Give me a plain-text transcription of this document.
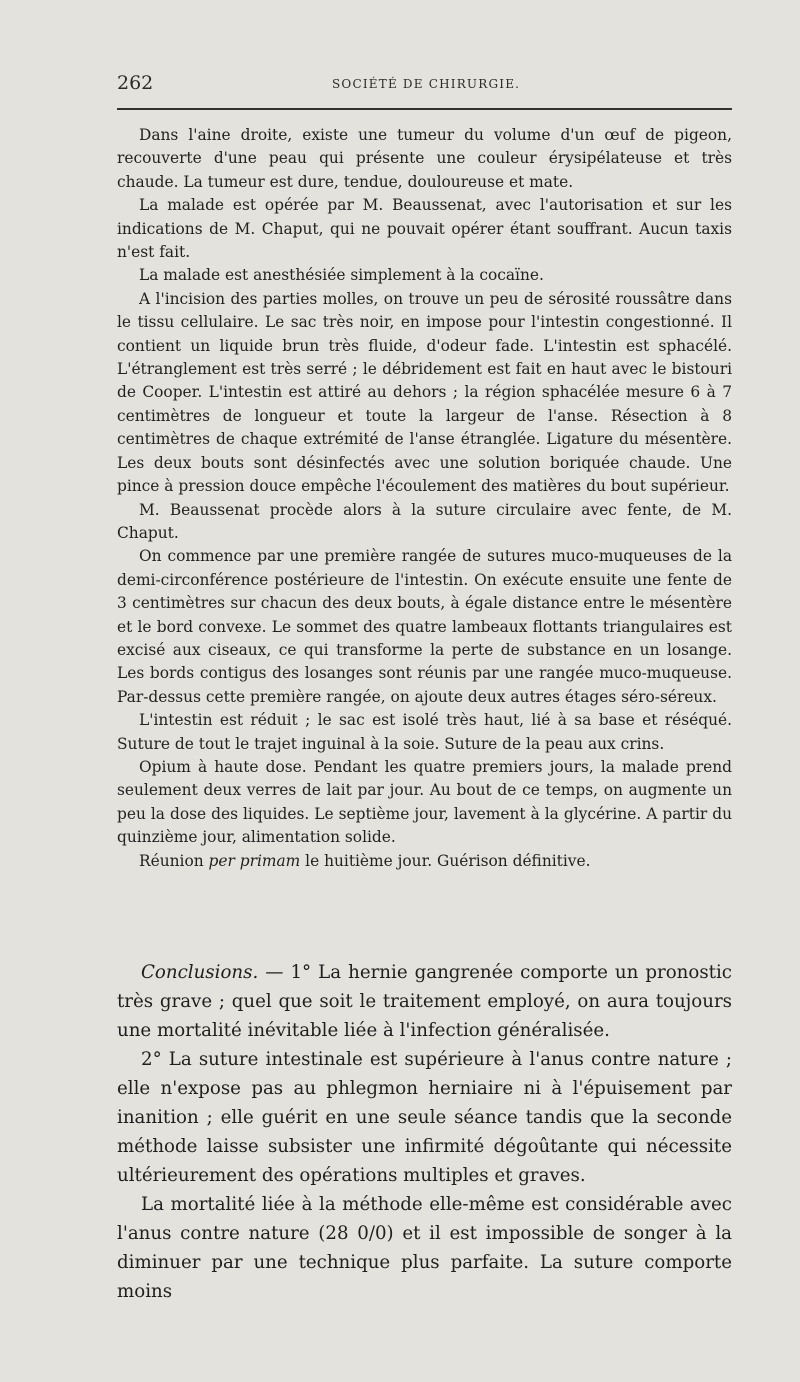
262	SOCIÉTÉ DE CHIRURGIE.

Dans l'aine droite, existe une tumeur du volume d'un œuf de pigeon, recouverte d'une peau qui présente une couleur érysipélateuse et très chaude. La tumeur est dure, tendue, douloureuse et mate.

La malade est opérée par M. Beaussenat, avec l'autorisation et sur les indications de M. Chaput, qui ne pouvait opérer étant souffrant. Aucun taxis n'est fait.

La malade est anesthésiée simplement à la cocaïne.

A l'incision des parties molles, on trouve un peu de sérosité roussâtre dans le tissu cellulaire. Le sac très noir, en impose pour l'intestin congestionné. Il contient un liquide brun très fluide, d'odeur fade. L'intestin est sphacélé. L'étranglement est très serré ; le débridement est fait en haut avec le bistouri de Cooper. L'intestin est attiré au dehors ; la région sphacélée mesure 6 à 7 centimètres de longueur et toute la largeur de l'anse. Résection à 8 centimètres de chaque extrémité de l'anse étranglée. Ligature du mésentère. Les deux bouts sont désinfectés avec une solution boriquée chaude. Une pince à pression douce empêche l'écoulement des matières du bout supérieur.

M. Beaussenat procède alors à la suture circulaire avec fente, de M. Chaput.

On commence par une première rangée de sutures muco-muqueuses de la demi-circonférence postérieure de l'intestin. On exécute ensuite une fente de 3 centimètres sur chacun des deux bouts, à égale distance entre le mésentère et le bord convexe. Le sommet des quatre lambeaux flottants triangulaires est excisé aux ciseaux, ce qui transforme la perte de substance en un losange. Les bords contigus des losanges sont réunis par une rangée muco-muqueuse. Par-dessus cette première rangée, on ajoute deux autres étages séro-séreux.

L'intestin est réduit ; le sac est isolé très haut, lié à sa base et réséqué. Suture de tout le trajet inguinal à la soie. Suture de la peau aux crins.

Opium à haute dose. Pendant les quatre premiers jours, la malade prend seulement deux verres de lait par jour. Au bout de ce temps, on augmente un peu la dose des liquides. Le septième jour, lavement à la glycérine. A partir du quinzième jour, alimentation solide.

Réunion per primam le huitième jour. Guérison définitive.

Conclusions. — 1° La hernie gangrenée comporte un pronostic très grave ; quel que soit le traitement employé, on aura toujours une mortalité inévitable liée à l'infection généralisée.

2° La suture intestinale est supérieure à l'anus contre nature ; elle n'expose pas au phlegmon herniaire ni à l'épuisement par inanition ; elle guérit en une seule séance tandis que la seconde méthode laisse subsister une infirmité dégoûtante qui nécessite ultérieurement des opérations multiples et graves.

La mortalité liée à la méthode elle-même est considérable avec l'anus contre nature (28 0/0) et il est impossible de songer à la diminuer par une technique plus parfaite. La suture comporte moins
